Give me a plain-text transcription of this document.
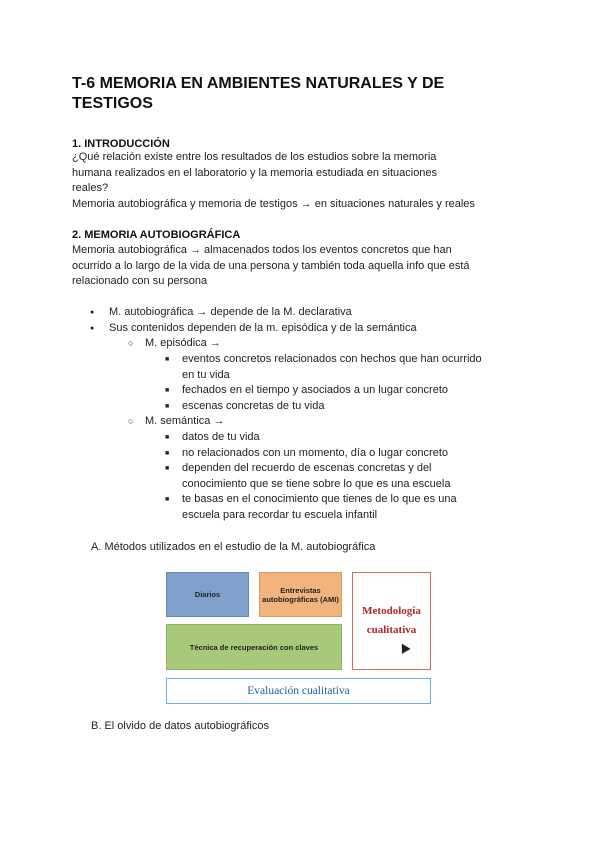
T-6 MEMORIA EN AMBIENTES NATURALES Y DE TESTIGOS
1. INTRODUCCIÓN
¿Qué relación existe entre los resultados de los estudios sobre la memoria
humana realizados en el laboratorio y la memoria estudiada en situaciones
reales?
Memoria autobiográfica y memoria de testigos → en situaciones naturales y reales
2. MEMORIA AUTOBIOGRÁFICA
Memoria autobiográfica → almacenados todos los eventos concretos que han
ocurrido a lo largo de la vida de una persona y también toda aquella info que está
relacionado con su persona
● M. autobiográfica → depende de la M. declarativa
● Sus contenidos dependen de la m. episódica y de la semántica
○ M. episódica →
■ eventos concretos relacionados con hechos que han ocurrido
en tu vida
■ fechados en el tiempo y asociados a un lugar concreto
■ escenas concretas de tu vida
○ M. semántica →
■ datos de tu vida
■ no relacionados con un momento, día o lugar concreto
■ dependen del recuerdo de escenas concretas y del
conocimiento que se tiene sobre lo que es una escuela
■ te basas en el conocimiento que tienes de lo que es una
escuela para recordar tu escuela infantil
A. Métodos utilizados en el estudio de la M. autobiográfica
Diarios	Entrevistas autobiográficas (AMI)
Técnica de recuperación con claves
Metodología
cualitativa
Evaluación cualitativa
B. El olvido de datos autobiográficos
